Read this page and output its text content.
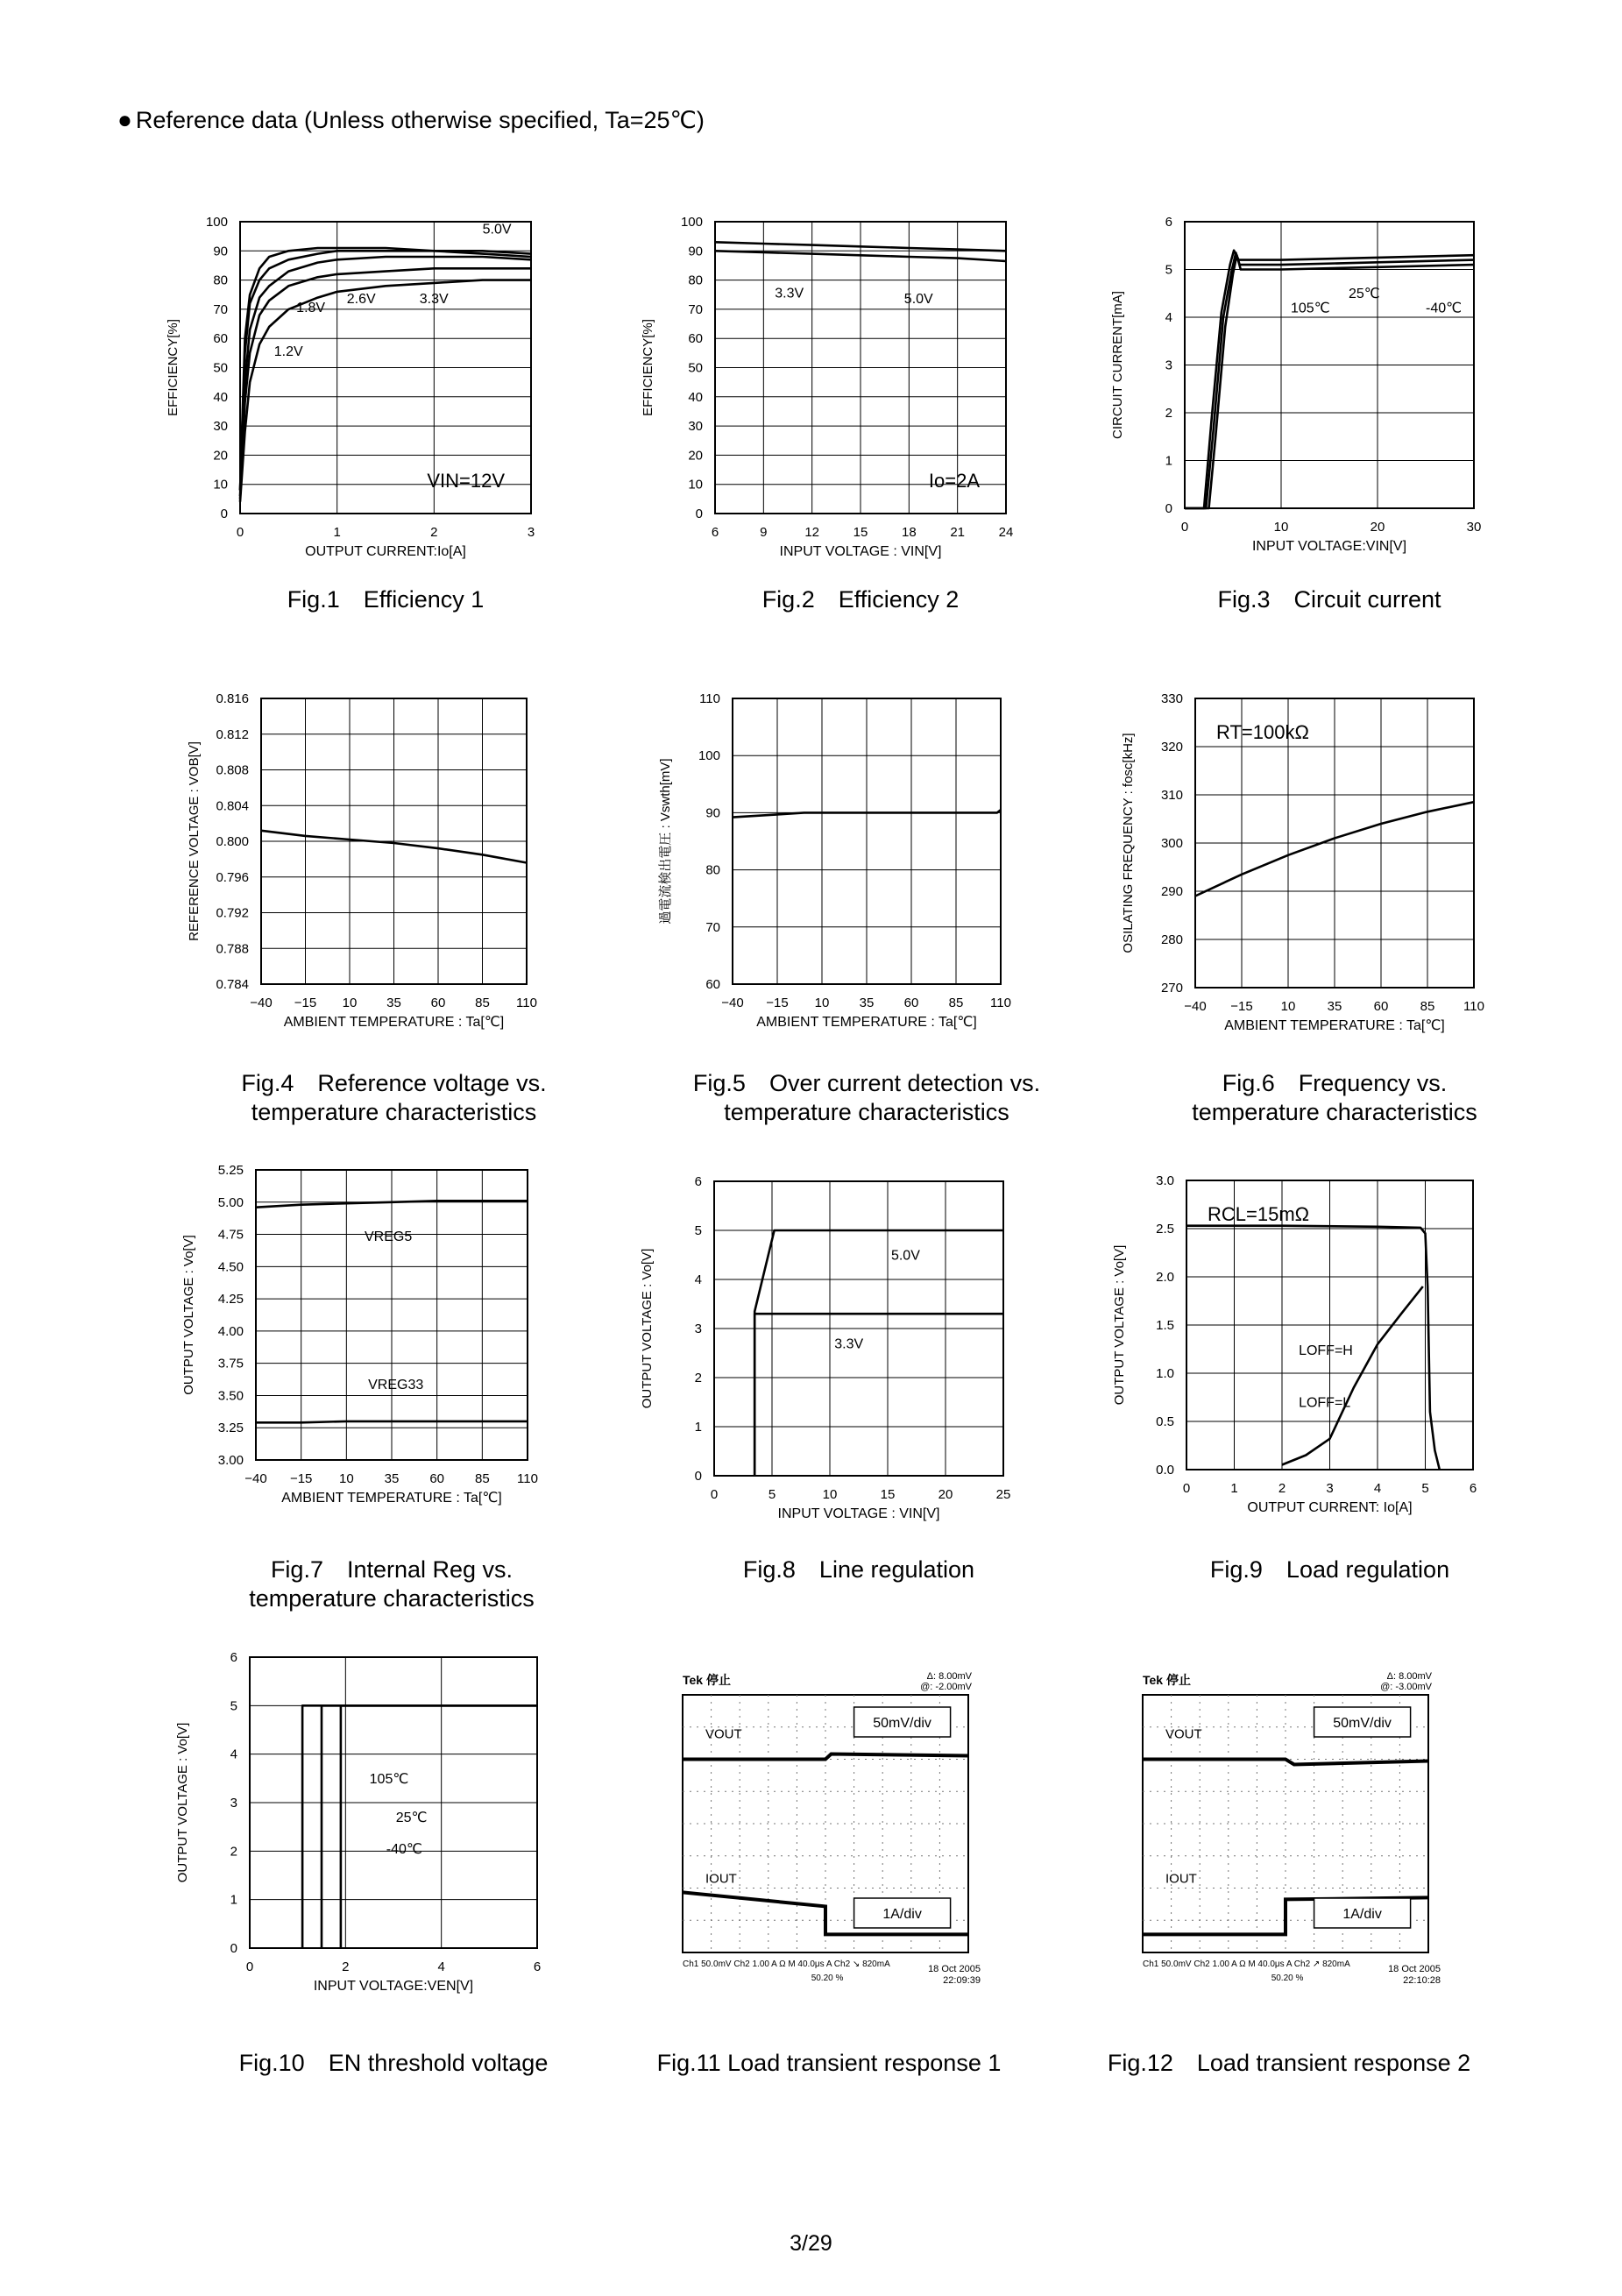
● Reference data (Unless otherwise specified, Ta=25℃)
0	1	2	3
0
10
20
30
40
50
60
70
80
90
100
OUTPUT CURRENT:Io[A]
EFFICIENCY[%]
5.0V
3.3V
2.6V
1.8V
1.2V
VIN=12V
Fig.1　Efficiency 1
6	9	12	15	18	21	24
0
10
20
30
40
50
60
70
80
90
100
INPUT VOLTAGE : VIN[V]
EFFICIENCY[%]
3.3V	5.0V
Io=2A
Fig.2　Efficiency 2
0	10	20	30
0
1
2
3
4
5
6
INPUT VOLTAGE:VIN[V]
CIRCUIT CURRENT[mA]	105℃
25℃
-40℃
Fig.3　Circuit current
−40 −15 10 35 60 85 110
0.784
0.788
0.792
0.796
0.800
0.804
0.808
0.812
0.816
AMBIENT TEMPERATURE : Ta[℃]
REFERENCE VOLTAGE : VOB[V]
Fig.4　Reference voltage vs.
temperature characteristics
−40 −15 10 35 60 85 110
60
70
80
90
100
110
AMBIENT TEMPERATURE : Ta[℃]
過電流検出電圧 : Vswth[mV]
Fig.5　Over current detection vs.
temperature characteristics
−40 −15 10 35 60 85 110
270
280
290
300
310
320
330
AMBIENT TEMPERATURE : Ta[℃]
OSILATING FREQUENCY : fosc[kHz]
RT=100kΩ
Fig.6　Frequency vs.
temperature characteristics
−40 −15 10 35 60 85 110
3.00
3.25
3.50
3.75
4.00
4.25
4.50
4.75
5.00
5.25
AMBIENT TEMPERATURE : Ta[℃]
OUTPUT VOLTAGE : Vo[V]	VREG5
VREG33
Fig.7　Internal Reg vs.
temperature characteristics
0	5	10	15	20	25
0
1
2
3
4
5
6
INPUT VOLTAGE : VIN[V]
OUTPUT VOLTAGE : Vo[V]	5.0V
3.3V
Fig.8　Line regulation
0	1	2	3	4	5	6
0.0
0.5
1.0
1.5
2.0
2.5
3.0
OUTPUT CURRENT: Io[A]
OUTPUT VOLTAGE : Vo[V]	LOFF=H
LOFF=L
RCL=15mΩ
Fig.9　Load regulation
0	2	4	6
0
1
2
3
4
5
6
INPUT VOLTAGE:VEN[V]
OUTPUT VOLTAGE : Vo[V]	105℃
25℃
-40℃
Fig.10　EN threshold voltage
Tek 停止	Δ: 8.00mV
@: -2.00mV
VOUT
IOUT
50mV/div
1A/div
Ch1 50.0mV Ch2 1.00 A Ω M 40.0μs A Ch2 ↘ 820mA
50.20 %
18 Oct 2005
22:09:39
Fig.11 Load transient response 1
Tek 停止	Δ: 8.00mV
@: -3.00mV
VOUT
IOUT
50mV/div
1A/div
Ch1 50.0mV Ch2 1.00 A Ω M 40.0μs A Ch2 ↗ 820mA
50.20 %
18 Oct 2005
22:10:28
Fig.12　Load transient response 2
3/29
